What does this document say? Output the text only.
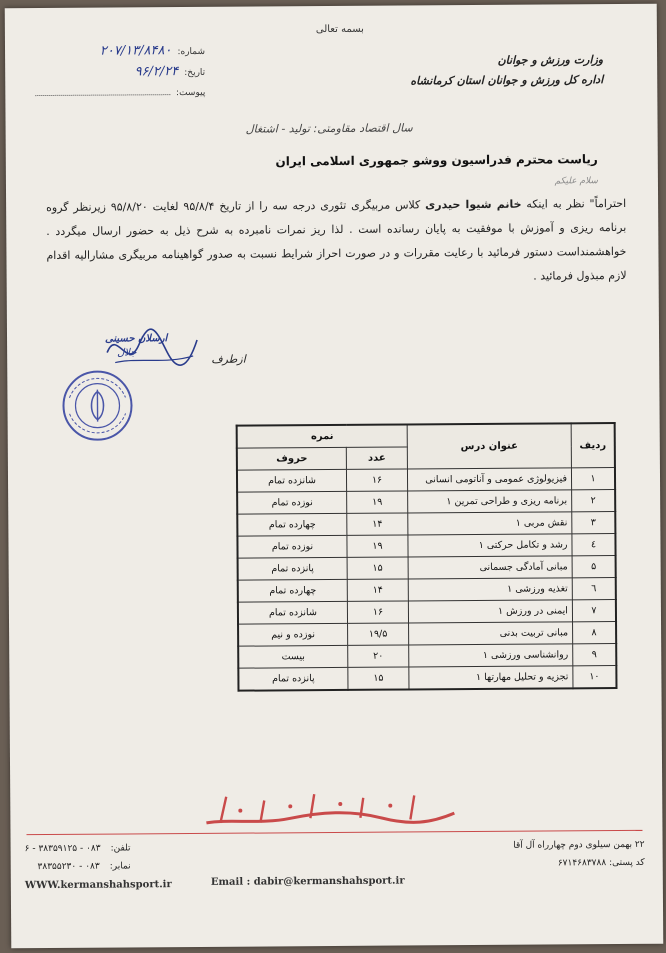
بسمه تعالی
وزارت ورزش و جوانان
اداره کل ورزش و جوانان استان کرمانشاه
شماره:
۲۰۷/۱۳/۸۴۸۰
تاریخ:
۹۶/۲/۲۴
پیوست:
سال اقتصاد مقاومتی: تولید - اشتغال
ریاست محترم فدراسیون ووشو جمهوری اسلامی ایران
سلام علیکم
احتراماً" نظر به اینکه خانم شیوا حیدری کلاس مربیگری تئوری درجه سه را از تاریخ ۹۵/۸/۴ لغایت ۹۵/۸/۲۰ زیرنظر گروه برنامه ریزی و آموزش با موفقیت به پایان رسانده است . لذا ریز نمرات نامبرده به شرح ذیل به حضور ارسال میگردد . خواهشمنداست دستور فرمائید با رعایت مقررات و در صورت احراز شرایط نسبت به صدور گواهینامه مربیگری مشارالیه اقدام لازم مبذول فرمائید .
ارسلان حسینی
جلال	ازطرف
ردیف	عنوان درس	نمره	
		عدد	حروف
۱	فیزیولوژی عمومی و آناتومی انسانی	۱۶	شانزده تمام
۲	برنامه ریزی و طراحی تمرین ۱	۱۹	نوزده تمام
۳	نقش مربی ۱	۱۴	چهارده تمام
٤	رشد و تکامل حرکتی ۱	۱۹	نوزده تمام
۵	مبانی آمادگی جسمانی	۱۵	پانزده تمام
٦	تغذیه ورزشی ۱	۱۴	چهارده تمام
۷	ایمنی در ورزش ۱	۱۶	شانزده تمام
۸	مبانی تربیت بدنی	۱۹/۵	نوزده و نیم
۹	روانشناسی ورزشی ۱	۲۰	بیست
۱۰	تجزیه و تحلیل مهارتها ۱	۱۵	پانزده تمام
اداره کل ورزش و جوانان استان کرمانشاه
۲۲ بهمن سیلوی دوم چهارراه آل آقا
کد پستی: ۶۷۱۴۶۸۳۷۸۸
تلفن:
۰۸۳ - ۳۸۳۵۹۱۲۵ - ۶
نمابر:
۰۸۳ - ۳۸۳۵۵۲۳۰
WWW.kermanshahsport.ir	Email : dabir@kermanshahsport.ir
